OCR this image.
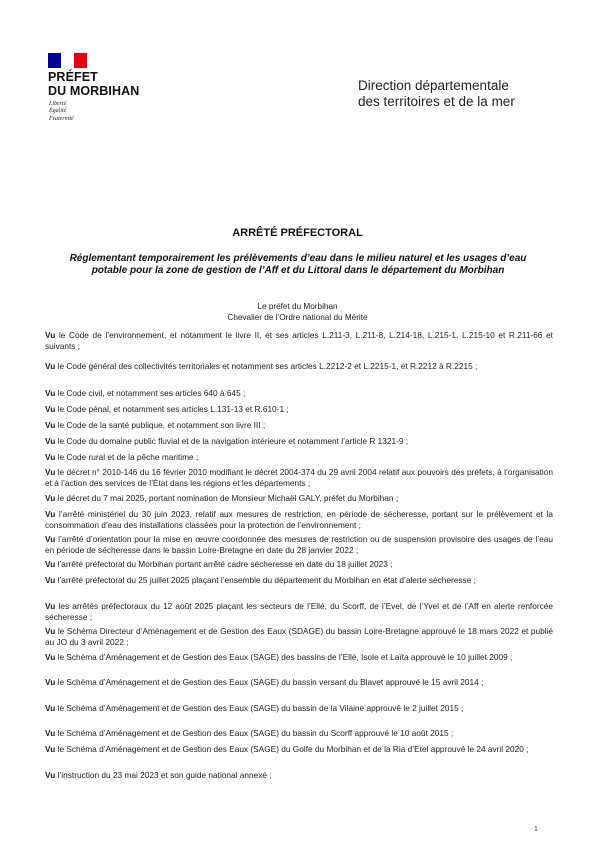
PRÉFET
DU MORBIHAN
Liberté
Égalité
Fraternité
Direction départementale
des territoires et de la mer
ARRÊTÉ PRÉFECTORAL
Réglementant temporairement les prélèvements d’eau dans le milieu naturel et les usages d’eau potable pour la zone de gestion de l’Aff et du Littoral dans le département du Morbihan
Le préfet du Morbihan
Chevalier de l’Ordre national du Mérite
Vu le Code de l’environnement, et notamment le livre II, et ses articles L.211-3, L.211-8, L.214-18, L.215-1, L.215-10 et R.211-66 et suivants ;
Vu le Code général des collectivités territoriales et notamment ses articles L.2212-2 et L.2215-1, et R.2212 à R.2215 ;
Vu le Code civil, et notamment ses articles 640 à 645 ;
Vu le Code pénal, et notamment ses articles L.131-13 et R.610-1 ;
Vu le Code de la santé publique, et notamment son livre III ;
Vu le Code du domaine public fluvial et de la navigation intérieure et notamment l’article R 1321-9 ;
Vu le Code rural et de la pêche maritime ;
Vu le décret n° 2010-146 du 16 février 2010 modifiant le décret 2004-374 du 29 avril 2004 relatif aux pouvoirs des préfets, à l’organisation et à l’action des services de l’État dans les régions et les départements ;
Vu le décret du 7 mai 2025, portant nomination de Monsieur Michaël GALY, préfet du Morbihan ;
Vu l’arrêté ministériel du 30 juin 2023, relatif aux mesures de restriction, en période de sécheresse, portant sur le prélèvement et la consommation d’eau des installations classées pour la protection de l’environnement ;
Vu l’arrêté d’orientation pour la mise en œuvre coordonnée des mesures de restriction ou de suspension provisoire des usages de l’eau en période de sécheresse dans le bassin Loire-Bretagne en date du 28 janvier 2022 ;
Vu l’arrêté préfectoral du Morbihan portant arrêté cadre sécheresse en date du 18 juillet 2023 ;
Vu l’arrêté préfectoral du 25 juillet 2025 plaçant l’ensemble du département du Morbihan en état d’alerte sécheresse ;
Vu les arrêtés préfectoraux du 12 août 2025 plaçant les secteurs de l’Ellé, du Scorff, de l’Evel, de l’Yvel et de l’Aff en alerte renforcée sécheresse ;
Vu le Schéma Directeur d’Aménagement et de Gestion des Eaux (SDAGE) du bassin Loire-Bretagne approuvé le 18 mars 2022 et publié au JO du 3 avril 2022 ;
Vu le Schéma d’Aménagement et de Gestion des Eaux (SAGE) des bassins de l’Ellé, Isole et Laïta approuvé le 10 juillet 2009 ;
Vu le Schéma d’Aménagement et de Gestion des Eaux (SAGE) du bassin versant du Blavet approuvé le 15 avril 2014 ;
Vu le Schéma d’Aménagement et de Gestion des Eaux (SAGE) du bassin de la Vilaine approuvé le 2 juillet 2015 ;
Vu le Schéma d’Aménagement et de Gestion des Eaux (SAGE) du bassin du Scorff approuvé le 10 août 2015 ;
Vu le Schéma d’Aménagement et de Gestion des Eaux (SAGE) du Golfe du Morbihan et de la Ria d’Etel approuvé le 24 avril 2020 ;
Vu l’instruction du 23 mai 2023 et son guide national annexé ;
1
